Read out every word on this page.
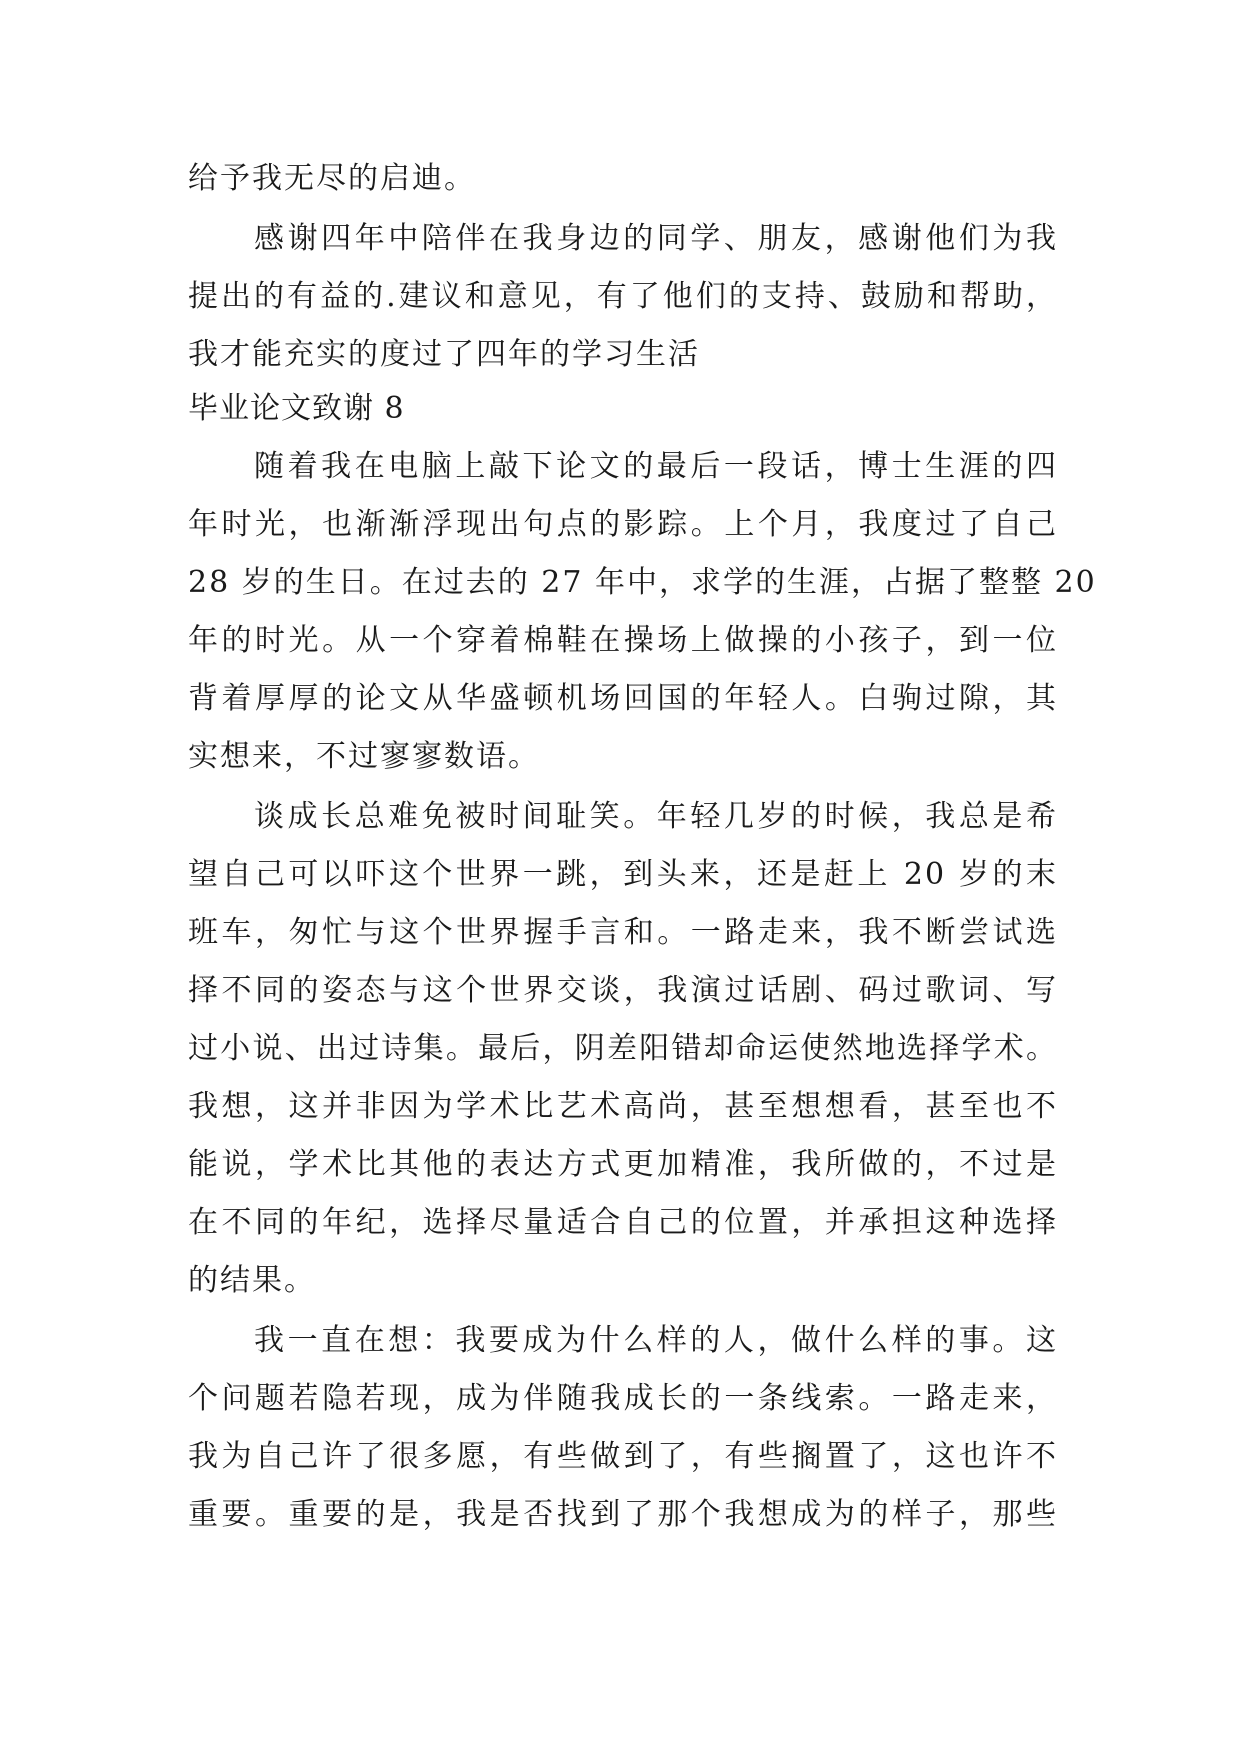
给予我无尽的启迪。
感谢四年中陪伴在我身边的同学、朋友，感谢他们为我
提出的有益的.建议和意见，有了他们的支持、鼓励和帮助，
我才能充实的度过了四年的学习生活
毕业论文致谢 8
随着我在电脑上敲下论文的最后一段话，博士生涯的四
年时光，也渐渐浮现出句点的影踪。上个月，我度过了自己
28 岁的生日。在过去的 27 年中，求学的生涯，占据了整整 20
年的时光。从一个穿着棉鞋在操场上做操的小孩子，到一位
背着厚厚的论文从华盛顿机场回国的年轻人。白驹过隙，其
实想来，不过寥寥数语。
谈成长总难免被时间耻笑。年轻几岁的时候，我总是希
望自己可以吓这个世界一跳，到头来，还是赶上 20 岁的末
班车，匆忙与这个世界握手言和。一路走来，我不断尝试选
择不同的姿态与这个世界交谈，我演过话剧、码过歌词、写
过小说、出过诗集。最后，阴差阳错却命运使然地选择学术。
我想，这并非因为学术比艺术高尚，甚至想想看，甚至也不
能说，学术比其他的表达方式更加精准，我所做的，不过是
在不同的年纪，选择尽量适合自己的位置，并承担这种选择
的结果。
我一直在想：我要成为什么样的人，做什么样的事。这
个问题若隐若现，成为伴随我成长的一条线索。一路走来，
我为自己许了很多愿，有些做到了，有些搁置了，这也许不
重要。重要的是，我是否找到了那个我想成为的样子，那些
